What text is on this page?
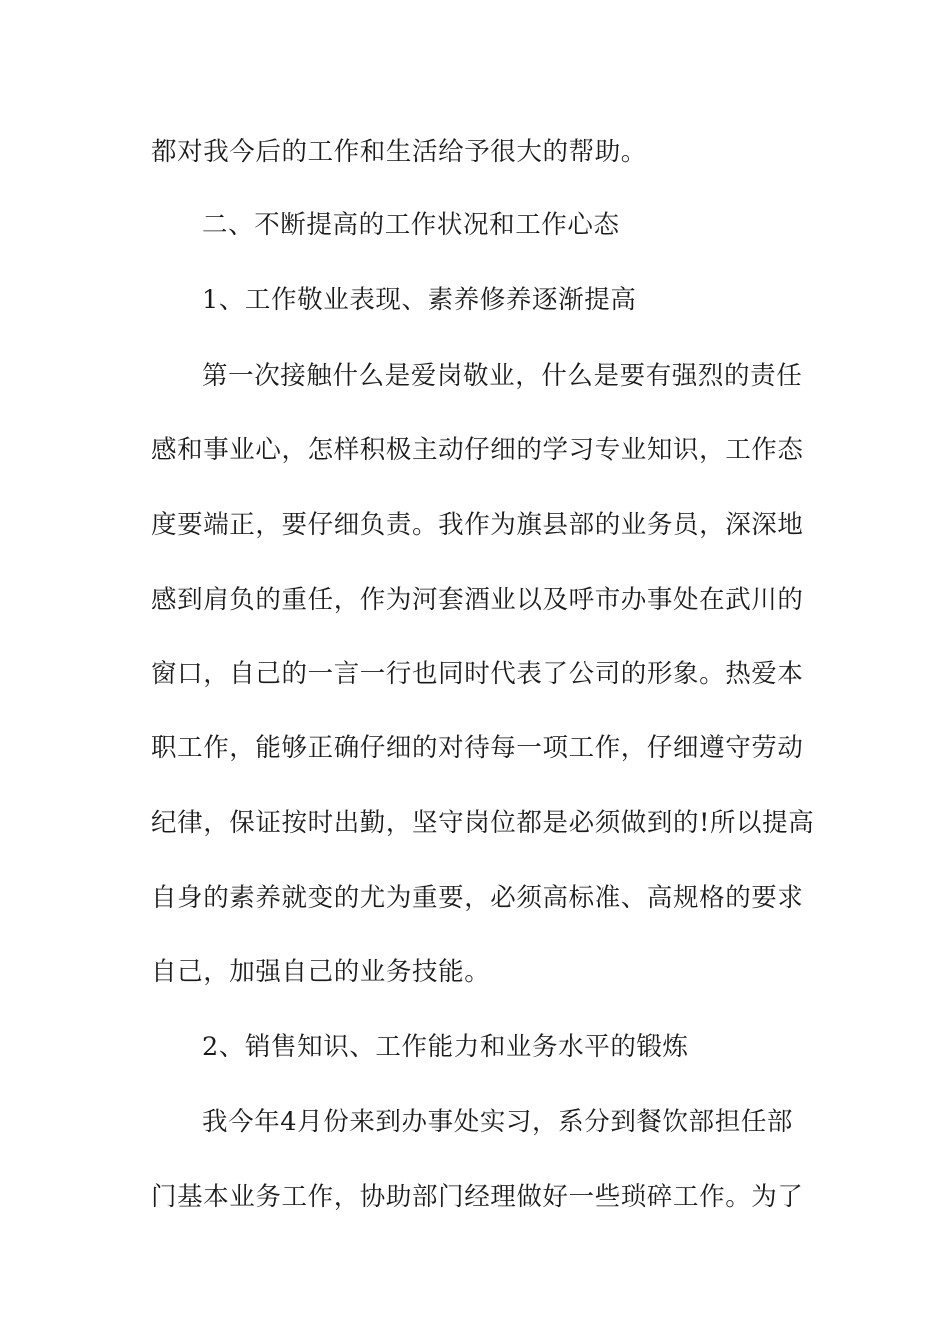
都对我今后的工作和生活给予很大的帮助。
二、不断提高的工作状况和工作心态
1、工作敬业表现、素养修养逐渐提高
第一次接触什么是爱岗敬业，什么是要有强烈的责任
感和事业心，怎样积极主动仔细的学习专业知识，工作态
度要端正，要仔细负责。我作为旗县部的业务员，深深地
感到肩负的重任，作为河套酒业以及呼市办事处在武川的
窗口，自己的一言一行也同时代表了公司的形象。热爱本
职工作，能够正确仔细的对待每一项工作，仔细遵守劳动
纪律，保证按时出勤，坚守岗位都是必须做到的!所以提高
自身的素养就变的尤为重要，必须高标准、高规格的要求
自己，加强自己的业务技能。
2、销售知识、工作能力和业务水平的锻炼
我今年4月份来到办事处实习，系分到餐饮部担任部
门基本业务工作，协助部门经理做好一些琐碎工作。为了
